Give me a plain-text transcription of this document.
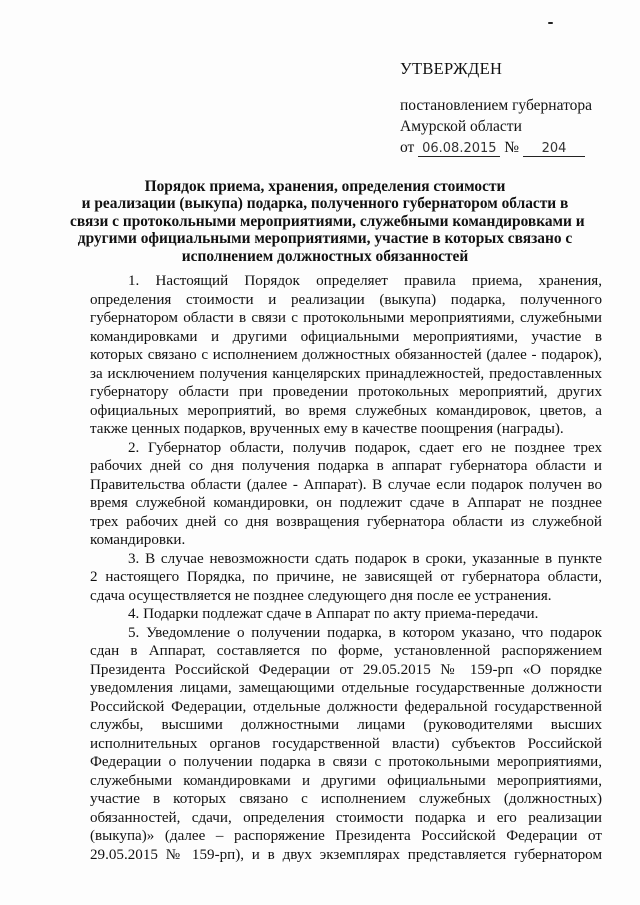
УТВЕРЖДЕН
постановлением губернатора
Амурской области
от 06.08.2015 № 204
Порядок приема, хранения, определения стоимости
и реализации (выкупа) подарка, полученного губернатором области в
связи с протокольными мероприятиями, служебными командировками и
другими официальными мероприятиями, участие в которых связано с
исполнением должностных обязанностей
1. Настоящий Порядок определяет правила приема, хранения,
определения стоимости и реализации (выкупа) подарка, полученного
губернатором области в связи с протокольными мероприятиями, служебными
командировками и другими официальными мероприятиями, участие в
которых связано с исполнением должностных обязанностей (далее - подарок),
за исключением получения канцелярских принадлежностей, предоставленных
губернатору области при проведении протокольных мероприятий, других
официальных мероприятий, во время служебных командировок, цветов, а
также ценных подарков, врученных ему в качестве поощрения (награды).
2. Губернатор области, получив подарок, сдает его не позднее трех
рабочих дней со дня получения подарка в аппарат губернатора области и
Правительства области (далее - Аппарат). В случае если подарок получен во
время служебной командировки, он подлежит сдаче в Аппарат не позднее
трех рабочих дней со дня возвращения губернатора области из служебной
командировки.
3. В случае невозможности сдать подарок в сроки, указанные в пункте
2 настоящего Порядка, по причине, не зависящей от губернатора области,
сдача осуществляется не позднее следующего дня после ее устранения.
4. Подарки подлежат сдаче в Аппарат по акту приема-передачи.
5. Уведомление о получении подарка, в котором указано, что подарок
сдан в Аппарат, составляется по форме, установленной распоряжением
Президента Российской Федерации от 29.05.2015 № 159-рп «О порядке
уведомления лицами, замещающими отдельные государственные должности
Российской Федерации, отдельные должности федеральной государственной
службы, высшими должностными лицами (руководителями высших
исполнительных органов государственной власти) субъектов Российской
Федерации о получении подарка в связи с протокольными мероприятиями,
служебными командировками и другими официальными мероприятиями,
участие в которых связано с исполнением служебных (должностных)
обязанностей, сдачи, определения стоимости подарка и его реализации
(выкупа)» (далее – распоряжение Президента Российской Федерации от
29.05.2015 № 159-рп), и в двух экземплярах представляется губернатором
